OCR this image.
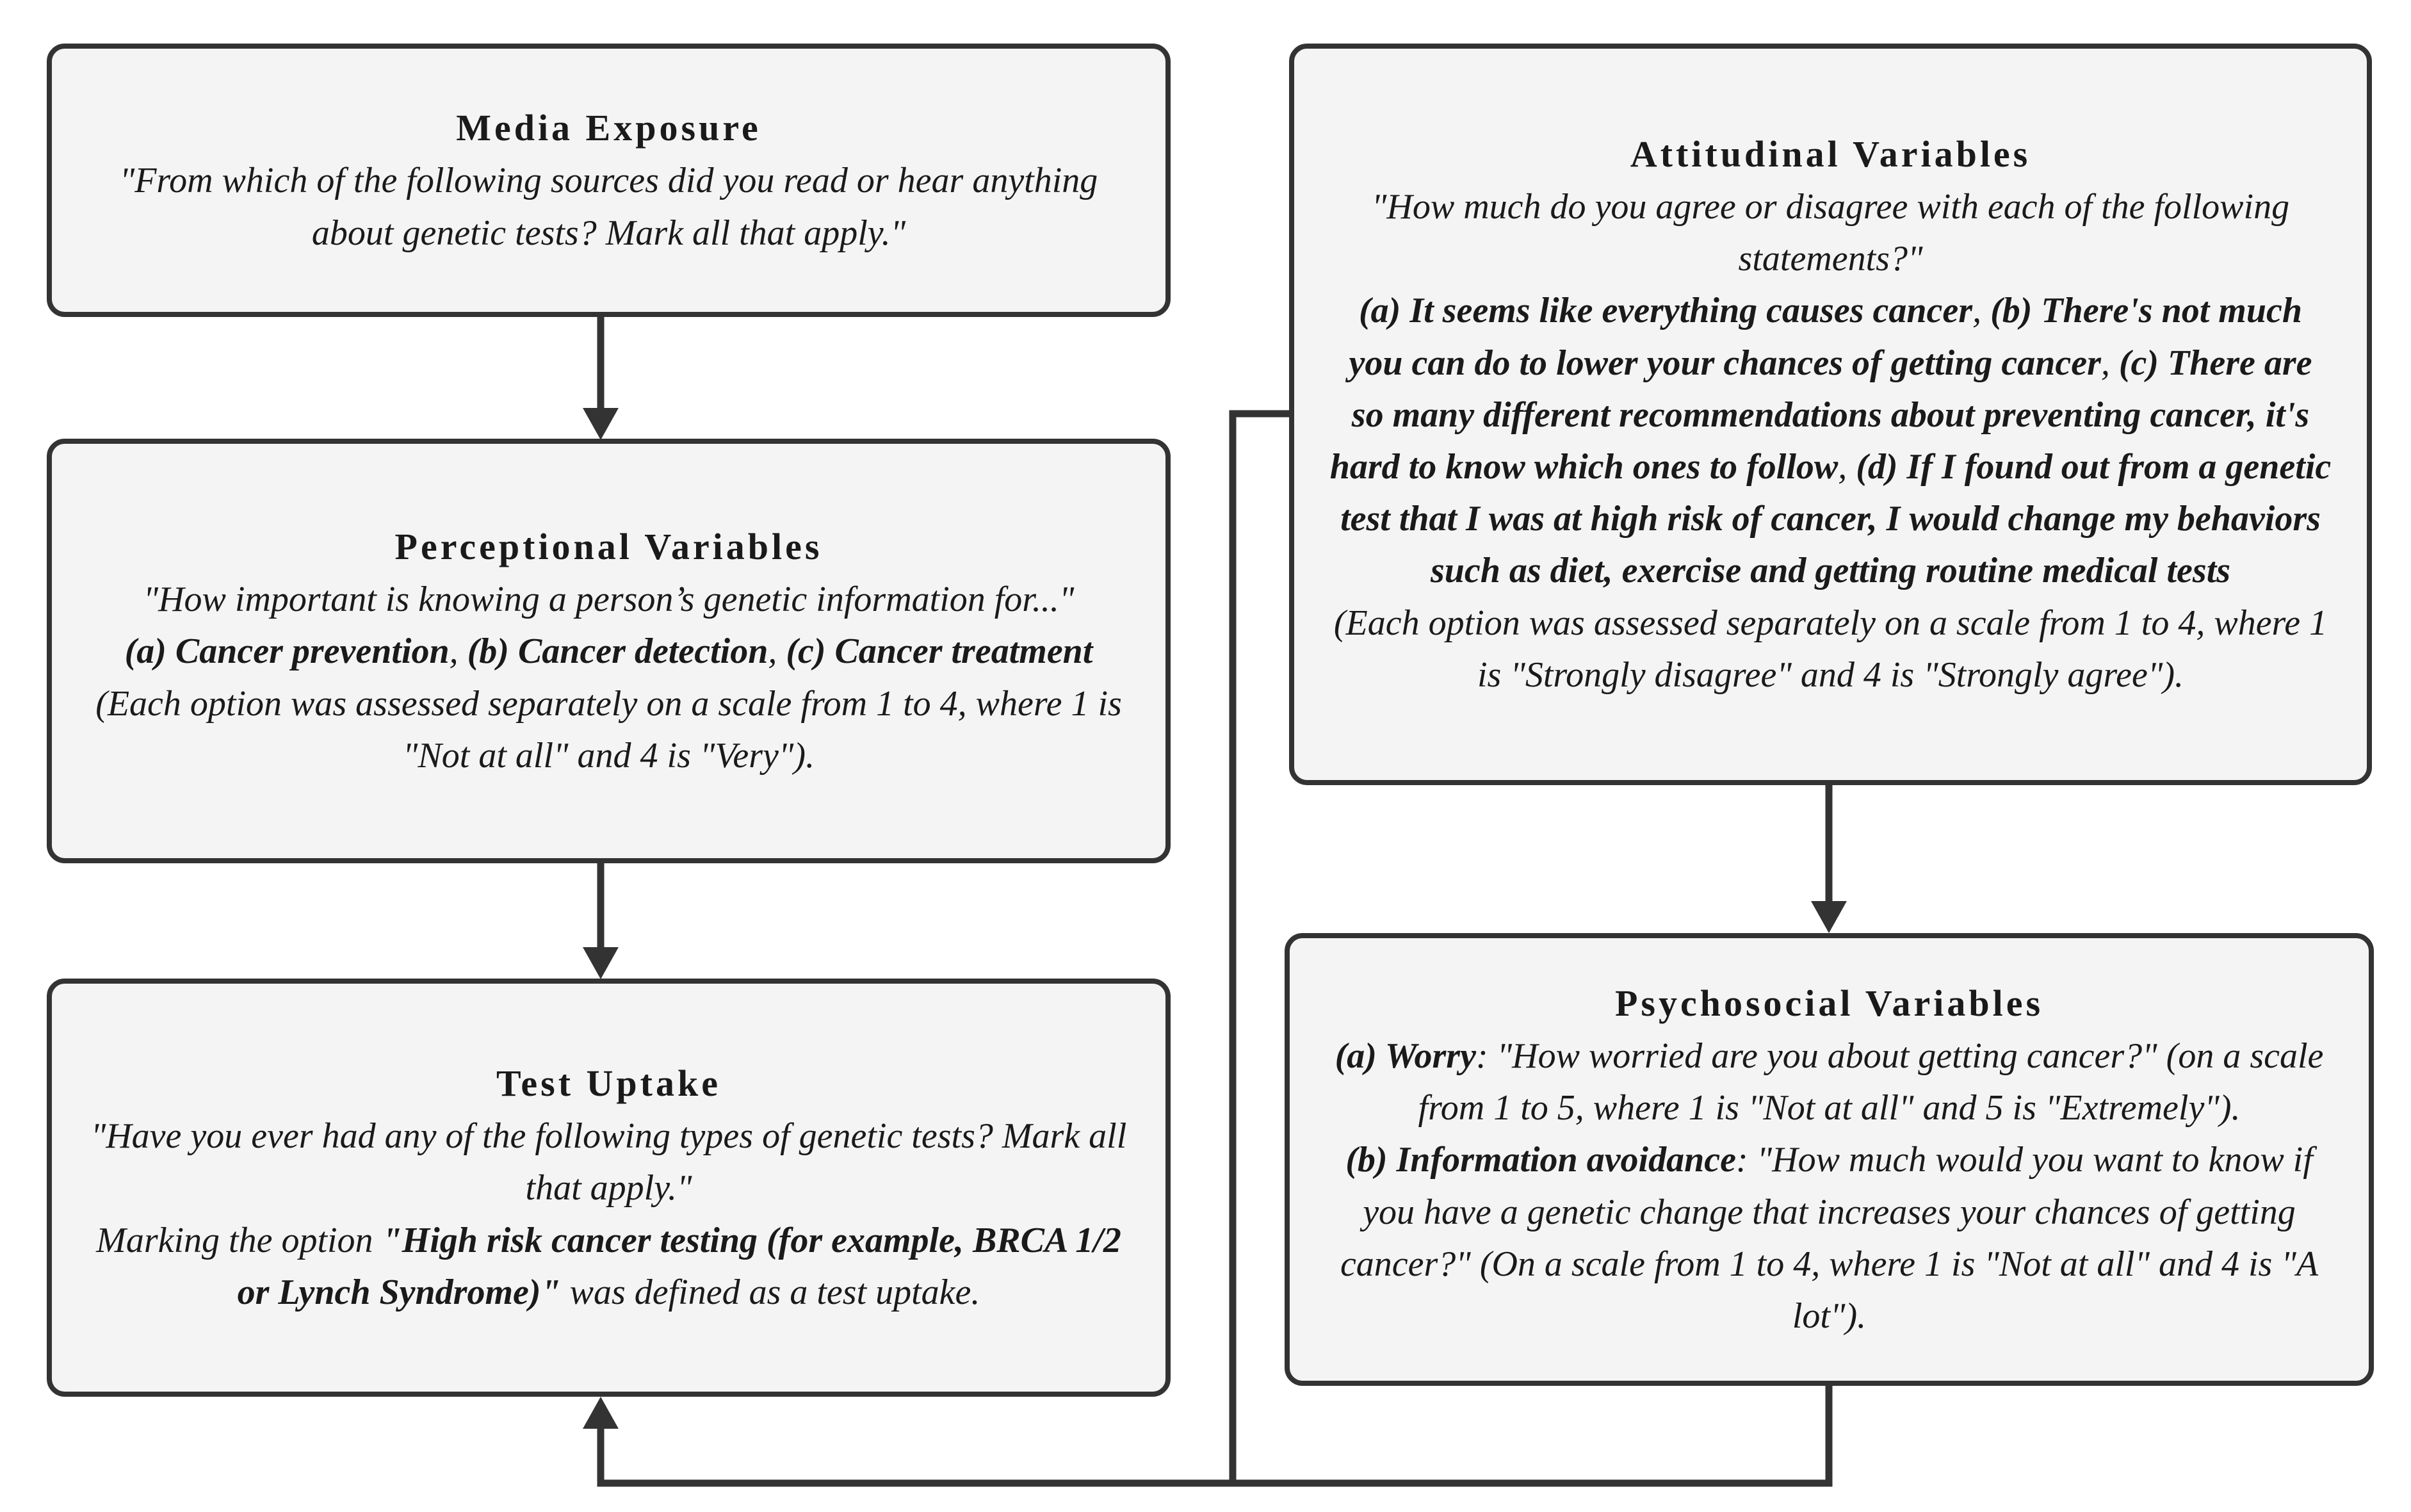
Media Exposure

"From which of the following sources did you read or hear anything about genetic tests? Mark all that apply."

Perceptional Variables

"How important is knowing a person’s genetic information for..."

(a) Cancer prevention, (b) Cancer detection, (c) Cancer treatment (Each option was assessed separately on a scale from 1 to 4, where 1 is "Not at all" and 4 is "Very").

Test Uptake

"Have you ever had any of the following types of genetic tests? Mark all that apply."

Marking the option "High risk cancer testing (for example, BRCA 1/2 or Lynch Syndrome)" was defined as a test uptake.

Attitudinal Variables

"How much do you agree or disagree with each of the following statements?"

(a) It seems like everything causes cancer, (b) There's not much you can do to lower your chances of getting cancer, (c) There are so many different recommendations about preventing cancer, it's hard to know which ones to follow, (d) If I found out from a genetic test that I was at high risk of cancer, I would change my behaviors such as diet, exercise and getting routine medical tests

(Each option was assessed separately on a scale from 1 to 4, where 1 is "Strongly disagree" and 4 is "Strongly agree").

Psychosocial Variables

(a) Worry: "How worried are you about getting cancer?" (on a scale from 1 to 5, where 1 is "Not at all" and 5 is "Extremely").

(b) Information avoidance: "How much would you want to know if you have a genetic change that increases your chances of getting cancer?" (On a scale from 1 to 4, where 1 is "Not at all" and 4 is "A lot").
